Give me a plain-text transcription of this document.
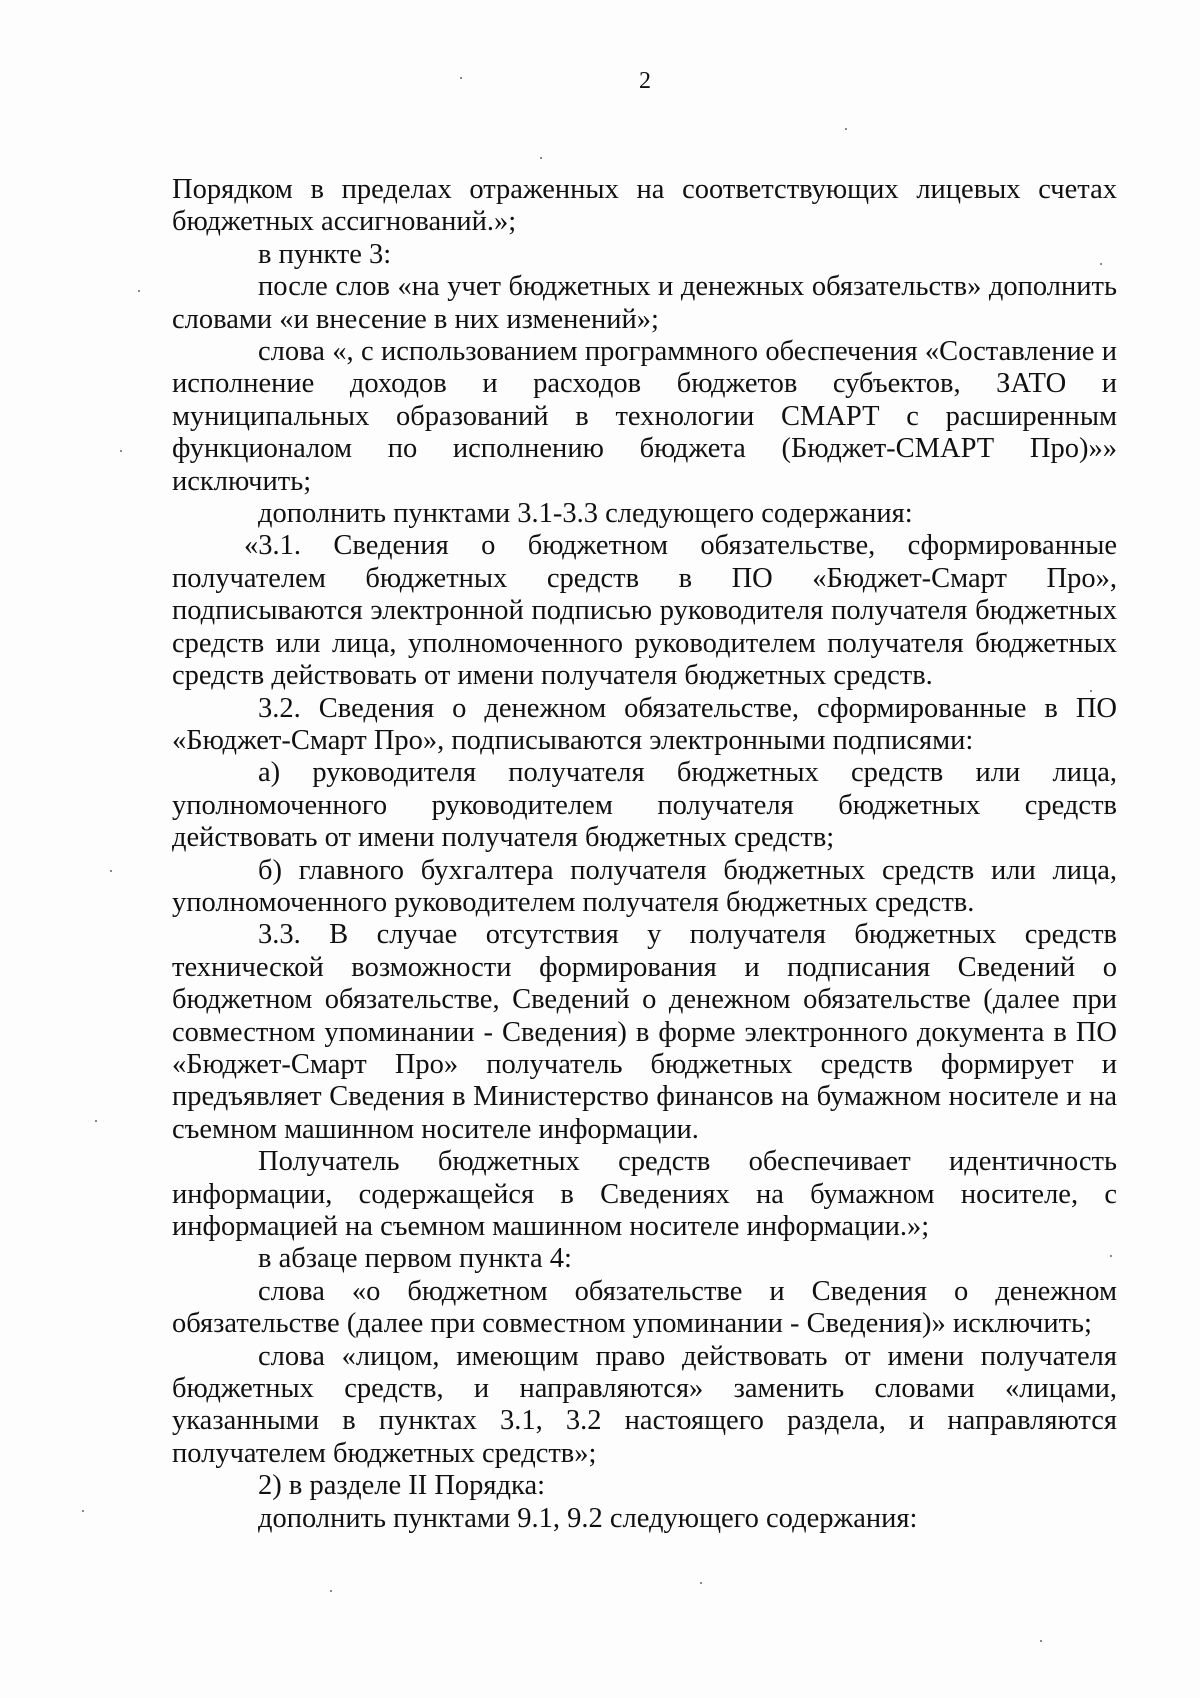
2

Порядком в пределах отраженных на соответствующих лицевых счетах бюджетных ассигнований.»;

в пункте 3:

после слов «на учет бюджетных и денежных обязательств» дополнить словами «и внесение в них изменений»;

слова «, с использованием программного обеспечения «Составление и исполнение доходов и расходов бюджетов субъектов, ЗАТО и муниципальных образований в технологии СМАРТ с расширенным функционалом по исполнению бюджета (Бюджет-СМАРТ Про)»» исключить;

дополнить пунктами 3.1-3.3 следующего содержания:

«3.1. Сведения о бюджетном обязательстве, сформированные получателем бюджетных средств в ПО «Бюджет-Смарт Про», подписываются электронной подписью руководителя получателя бюджетных средств или лица, уполномоченного руководителем получателя бюджетных средств действовать от имени получателя бюджетных средств.

3.2. Сведения о денежном обязательстве, сформированные в ПО «Бюджет-Смарт Про», подписываются электронными подписями:

а) руководителя получателя бюджетных средств или лица, уполномоченного руководителем получателя бюджетных средств действовать от имени получателя бюджетных средств;

б) главного бухгалтера получателя бюджетных средств или лица, уполномоченного руководителем получателя бюджетных средств.

3.3. В случае отсутствия у получателя бюджетных средств технической возможности формирования и подписания Сведений о бюджетном обязательстве, Сведений о денежном обязательстве (далее при совместном упоминании - Сведения) в форме электронного документа в ПО «Бюджет-Смарт Про» получатель бюджетных средств формирует и предъявляет Сведения в Министерство финансов на бумажном носителе и на съемном машинном носителе информации.

Получатель бюджетных средств обеспечивает идентичность информации, содержащейся в Сведениях на бумажном носителе, с информацией на съемном машинном носителе информации.»;

в абзаце первом пункта 4:

слова «о бюджетном обязательстве и Сведения о денежном обязательстве (далее при совместном упоминании - Сведения)» исключить;

слова «лицом, имеющим право действовать от имени получателя бюджетных средств, и направляются» заменить словами «лицами, указанными в пунктах 3.1, 3.2 настоящего раздела, и направляются получателем бюджетных средств»;

2) в разделе II Порядка:

дополнить пунктами 9.1, 9.2 следующего содержания:
